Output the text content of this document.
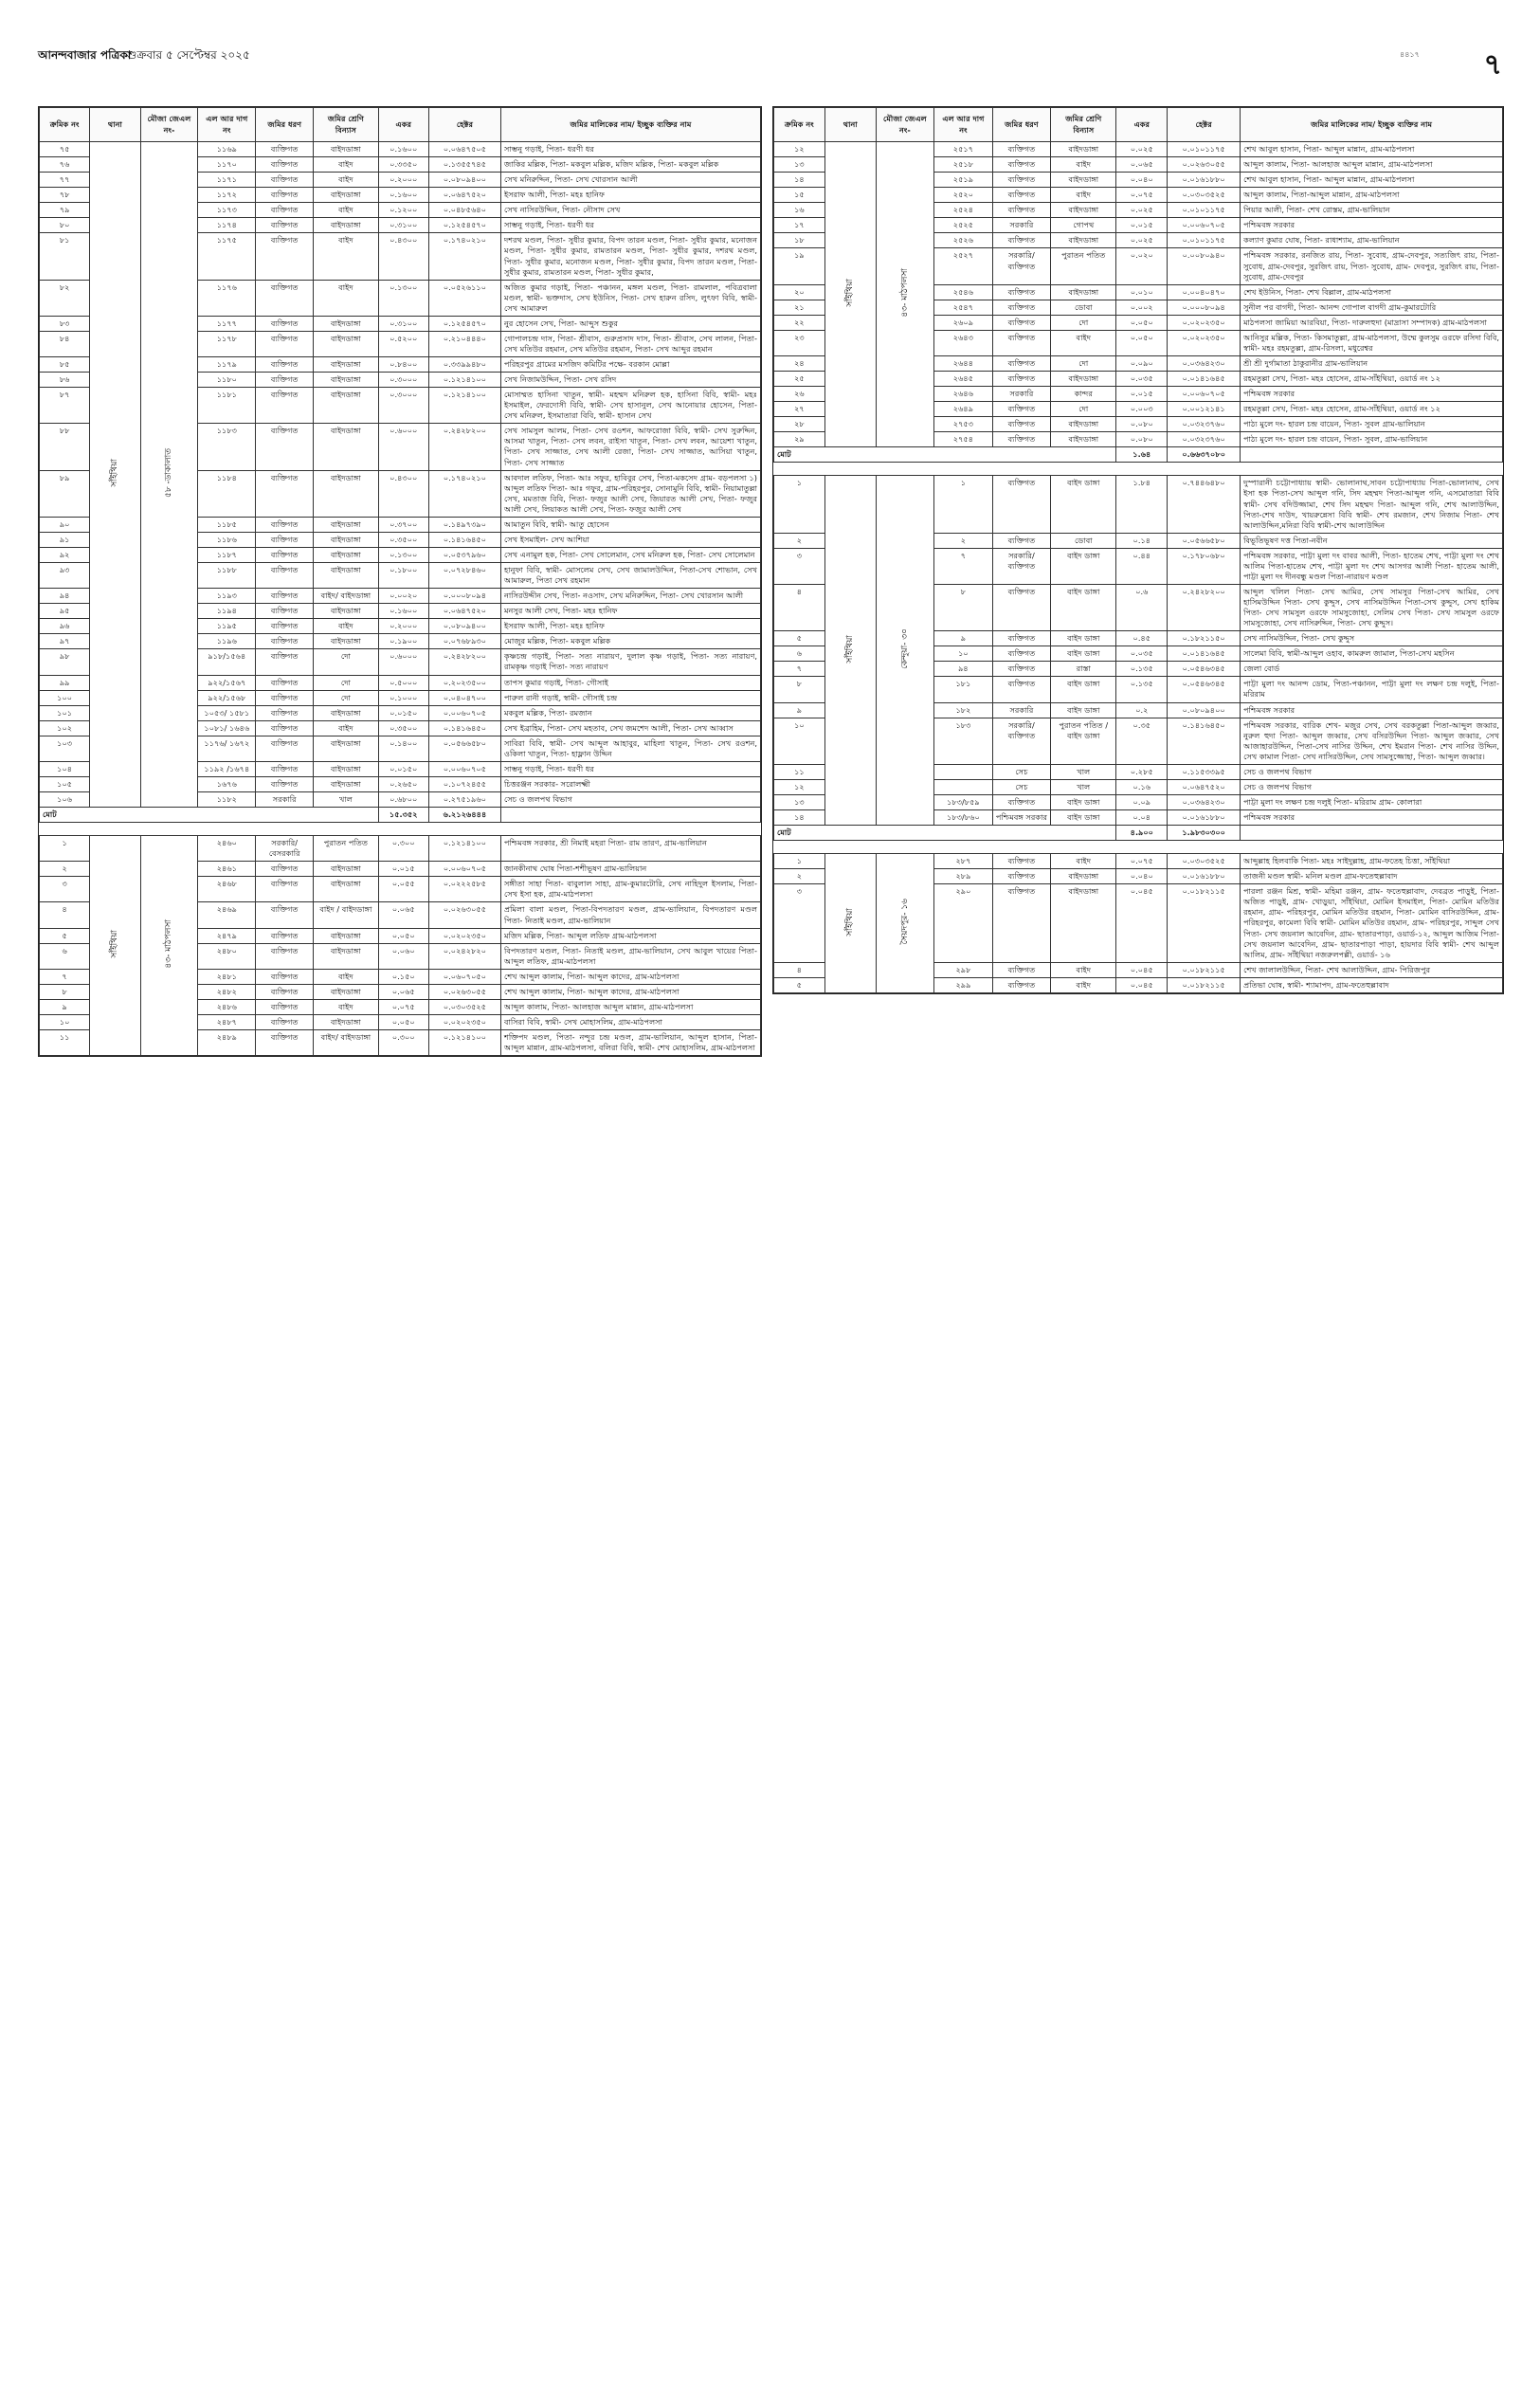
আনন্দবাজার পত্রিকা
শুক্রবার ৫ সেপ্টেম্বর ২০২৫	৪৪১৭ ৭
ক্রমিক নং	থানা	মৌজা জেএল নং-	এল আর দাগ নং	জমির ধরণ	জমির শ্রেণি বিন্যাস	একর	হেক্টর	জমির মালিকের নাম/ ইচ্ছুক ব্যক্তির নাম
৭৫	সাঁইথিয়া	৫৮ -ডাকালাত	১১৬৯	ব্যক্তিগত	বাইদডাঙ্গা	০.১৬০০	০.০৬৪৭৫০৫	সাম্ভনু গড়াই, পিতা- ধরণী ধর
৭৬			১১৭০	ব্যক্তিগত	বাইদ	০.৩৩৫০	০.১৩৫৫৭৪৫	জাকির মল্লিক, পিতা- মকবুল মল্লিক, মজিদ মল্লিক, পিতা- মকবুল মল্লিক
৭৭			১১৭১	ব্যক্তিগত	বাইদ	০.২০০০	০.০৮০৯৪০০	সেখ মনিরুদ্দিন, পিতা- সেখ খোরসান আলী
৭৮			১১৭২	ব্যক্তিগত	বাইদডাঙ্গা	০.১৬০০	০.০৬৪৭৫২০	ইসরাফ আলী, পিতা- মহঃ হানিফ
৭৯			১১৭৩	ব্যক্তিগত	বাইদ	০.১২০০	০.০৪৮৫৬৪০	সেখ নাসিরউদ্দিন, পিতা- নৌসাদ সেখ
৮০			১১৭৪	ব্যক্তিগত	বাইদডাঙ্গা	০.৩১০০	০.১২৫৪৫৭০	সাম্ভনু গড়াই, পিতা- ধরণী ধর
৮১			১১৭৫	ব্যক্তিগত	বাইদ	০.৪৩০০	০.১৭৪০২১০	দশরথ মণ্ডল, পিতা- সুধীর কুমার, বিপদ তারন মণ্ডল, পিতা- সুধীর কুমার, মনোজন মণ্ডল, পিতা- সুধীর কুমার, রামতারন মণ্ডল, পিতা- সুধীর কুমার, দশরথ মণ্ডল, পিতা- সুধীর কুমার, মনোজন মণ্ডল, পিতা- সুধীর কুমার, বিপদ তারন মণ্ডল, পিতা- সুধীর কুমার, রামতারন মণ্ডল, পিতা- সুধীর কুমার,
৮২			১১৭৬	ব্যক্তিগত	বাইদ	০.১৩০০	০.০৫২৬১১০	অজিত কুমার গড়াই, পিতা- পঞ্চানন, মঙ্গল মণ্ডল, পিতা- রামলাল, পবিত্রবালা মণ্ডল, স্বামী- ভক্তদাস, সেখ ইউনিস, পিতা- সেখ হারুন রসিদ, লুৎফা বিবি, স্বামী- সেখ আমারুল
৮৩			১১৭৭	ব্যক্তিগত	বাইদডাঙ্গা	০.৩১০০	০.১২৫৪৫৭০	নুর হোসেন সেখ, পিতা- আব্দুস শুকুর
৮৪			১১৭৮	ব্যক্তিগত	বাইদডাঙ্গা	০.৫২০০	০.২১০৪৪৪০	গোপালচন্দ্র দাস, পিতা- শ্রীবাস, গুরুপ্রসাদ দাস, পিতা- শ্রীবাস, সেখ লালন, পিতা- সেখ মতিউর রহমান, সেখ মতিউর রহমান, পিতা- সেখ আব্দুর রহমান
৮৫			১১৭৯	ব্যক্তিগত	বাইদডাঙ্গা	০.৮৪০০	০.৩৩৯৯৪৮০	পরিহরপুর গ্রামের মসজিদ কমিটির পক্ষে- বরকান মোল্লা
৮৬			১১৮০	ব্যক্তিগত	বাইদডাঙ্গা	০.৩০০০	০.১২১৪১০০	সেখ নিজামউদ্দিন, পিতা- সেখ রসিদ
৮৭			১১৮১	ব্যক্তিগত	বাইদডাঙ্গা	০.৩০০০	০.১২১৪১০০	মোসাম্মত হাসিনা খাতুন, স্বামী- মহম্মদ মনিরুল হক, হাসিনা বিবি, স্বামী- মহঃ ইসমাইল, ফেরদোসী বিবি, স্বামী- সেখ হাসানুল, সেখ আনোয়ার হোসেন, পিতা- সেখ মনিরুল, ইসমাতারা বিবি, স্বামী- হাসান সেখ
৮৮			১১৮৩	ব্যক্তিগত	বাইদডাঙ্গা	০.৬০০০	০.২৪২৮২০০	সেখ সামসুল আলম, পিতা- সেখ রওশন, আফরোজা বিবি, স্বামী- সেখ সুরুদ্দিন, আসমা খাতুন, পিতা- সেখ লবন, রাইসা খাতুন, পিতা- সেখ লবন, আয়েশা খাতুন, পিতা- সেখ সাজ্জাত, সেখ আলী রেজা, পিতা- সেখ সাজ্জাত, আসিয়া খাতুন, পিতা- সেখ সাজ্জাত
৮৯			১১৮৪	ব্যক্তিগত	বাইদডাঙ্গা	০.৪৩০০	০.১৭৪০২১০	আবদাল লতিফ, পিতা- আঃ সফুর, হাবিবুর সেখ, পিতা-মকসেদ গ্রাম- বড়পলসা ১) আব্দুল লতিফ পিতা- আঃ গফুর, গ্রাম-পরিহরপুর, সোনামুনি বিবি, স্বামী- নিয়ামাতুল্লা সেখ, মমতাজ বিবি, পিতা- ফজুর আলী সেখ, জিয়ারত আলী সেখ, পিতা- ফজুর আলী সেখ, লিয়াকত আলী সেখ, পিতা- ফজুর আলী সেখ
৯০			১১৮৫	ব্যক্তিগত	বাইদডাঙ্গা	০.৩৭০০	০.১৪৯৭৩৯০	আমাতুন বিবি, স্বামী- আতু হোসেন
৯১			১১৮৬	ব্যক্তিগত	বাইদডাঙ্গা	০.৩৫০০	০.১৪১৬৪৫০	সেখ ইসমাইল- সেখ আশিয়া
৯২			১১৮৭	ব্যক্তিগত	বাইদডাঙ্গা	০.১৩০০	০.০৫৩৭৯৬০	সেখ এনামুল হক, পিতা- সেখ সোলেমান, সেখ মনিরুল হক, পিতা- সেখ সোলেমান
৯৩			১১৮৮	ব্যক্তিগত	বাইদডাঙ্গা	০.১৮০০	০.০৭২৮৪৬০	হানুফা বিবি, স্বামী- মোসলেম সেখ, সেখ জামালউদ্দিন, পিতা-সেখ শোভান, সেখ আমারুল, পিতা সেখ রহমান
৯৪			১১৯৩	ব্যক্তিগত	বাইদ/ বাইদডাঙ্গা	০.০০২০	০.০০০৮০৯৪	নাসিরউদ্দীন সেখ, পিতা- নওসাদ, সেখ মনিরুদ্দিন, পিতা- সেখ খোরসান আলী
৯৫			১১৯৪	ব্যক্তিগত	বাইদডাঙ্গা	০.১৬০০	০.০৬৪৭৫২০	মনসুর আলী সেখ, পিতা- মহঃ হানিফ
৯৬			১১৯৫	ব্যক্তিগত	বাইদ	০.২০০০	০.০৮০৯৪০০	ইসরাফ আলী, পিতা- মহঃ হানিফ
৯৭			১১৯৬	ব্যক্তিগত	বাইদডাঙ্গা	০.১৯০০	০.০৭৬৮৯৩০	মোজুর মল্লিক, পিতা- মকবুল মল্লিক
৯৮			৯১৮/১৫৬৪	ব্যক্তিগত	দো	০.৬০০০	০.২৪২৮২০০	কৃষ্ণচন্দ্র গড়াই, পিতা- সত্য নারায়ণ, দুলাল কৃষ্ণ গড়াই, পিতা- সত্য নারায়ণ, রামকৃষ্ণ গড়াই পিতা- সত্য নারায়ণ
৯৯			৯২২/১৫৬৭	ব্যক্তিগত	দো	০.৫০০০	০.২০২৩৫০০	তাপস কুমার গড়াই, পিতা- গৌসাই
১০০			৯২২/১৫৬৮	ব্যক্তিগত	দো	০.১০০০	০.০৪০৪৭০০	পারুল রানী গড়াই, স্বামী- গৌসাই চন্দ্র
১০১			১০৫৩/ ১৫৮১	ব্যক্তিগত	বাইদডাঙ্গা	০.০১৫০	০.০০৬০৭০৫	মকবুল মল্লিক, পিতা- রমজান
১০২			১০৮১/ ১৬৪৬	ব্যক্তিগত	বাইদ	০.৩৫০০	০.১৪১৬৪৫০	সেখ ইব্রাহিম, পিতা- সেখ মহতাব, সেখ জমশেদ আলী, পিতা- সেখ আব্বাস
১০৩			১১৭৬/ ১৬৭২	ব্যক্তিগত	বাইদডাঙ্গা	০.১৪০০	০.০৫৬৬৫৮০	সাবিরা বিবি, স্বামী- সেখ আব্দুল আহাবুর, মাহিলা খাতুন, পিতা- সেখ রওশন, ওকিলা খাতুন, পিতা- হাফ্লান উদ্দিন
১০৪			১১৯২ /১৬৭৪	ব্যক্তিগত	বাইদডাঙ্গা	০.০১৫০	০.০০৬০৭০৫	সাম্ভনু গড়াই, পিতা- ধরণী ধর
১০৫			১৬৭৬	ব্যক্তিগত	বাইদডাঙ্গা	০.২৬৫০	০.১০৭২৪৫৫	চিত্তরঞ্জন সরকার- সরোলক্ষ্মী
১০৬			১১৮২	সরকারি	খাল	০.৬৮০০	০.২৭৫১৯৬০	সেচ ও জলপথ বিভাগ
মোট						১৫.৩৫২	৬.২১২৬৪৪৪	

১	সাঁইথিয়া	৪৩- মাঠপলসা	২৪৬০	সরকারি/ বেসরকারি	পুরাতন পতিত	০.৩০০	০.১২১৪১০০	পশ্চিমবঙ্গ সরকার, শ্রী নিমাই মহরা পিতা- রাম তারণ, গ্রাম-ভালিয়ান
২			২৪৬১	ব্যক্তিগত	বাইদডাঙ্গা	০.০১৫	০.০০৬০৭০৫	জানকীনাথ ঘোষ পিতা-শশীভূষণ গ্রাম-ভালিয়ান
৩			২৪৬৮	ব্যক্তিগত	বাইদডাঙ্গা	০.০৫৫	০.০২২২৫৮৫	সঙ্গীতা সাহা পিতা- বাবুলাল সাহা, গ্রাম-কুমারটোরি, সেখ নাহিদুল ইসলাম, পিতা-সেখ ইসা হক, গ্রাম-মাঠপলসা
৪			২৪৬৯	ব্যক্তিগত	বাইদ / বাইদডাঙ্গা	০.০৬৫	০.০২৬৩০৫৫	প্রমিলা বালা মণ্ডল, পিতা-বিপদতারণ মণ্ডল, গ্রাম-ভালিয়ান, বিপদতারণ মণ্ডল পিতা- নিতাই মণ্ডল, গ্রাম-ভালিয়ান
৫			২৪৭৯	ব্যক্তিগত	বাইদডাঙ্গা	০.০৫০	০.০২০২৩৫০	মজিদ মল্লিক, পিতা- আব্দুল লতিফ গ্রাম-মাঠপলসা
৬			২৪৮০	ব্যক্তিগত	বাইদডাঙ্গা	০.০৬০	০.০২৪২৮২০	বিপদতারণ মণ্ডল, পিতা- নিতাই মণ্ডল, গ্রাম-ভালিয়ান, সেখ আবুল খায়ের পিতা- আব্দুল লতিফ, গ্রাম-মাঠপলসা
৭			২৪৮১	ব্যক্তিগত	বাইদ	০.১৫০	০.০৬০৭০৫০	শেখ আব্দুল কালাম, পিতা- আব্দুল কাদের, গ্রাম-মাঠপলসা
৮			২৪৮২	ব্যক্তিগত	বাইদডাঙ্গা	০.০৬৫	০.০২৬৩০৫৫	শেখ আব্দুল কালাম, পিতা- আব্দুল কাদের, গ্রাম-মাঠপলসা
৯			২৪৮৬	ব্যক্তিগত	বাইদ	০.০৭৫	০.০৩০৩৫২৫	আব্দুল কালাম, পিতা- আলহাজ আব্দুল মান্নান, গ্রাম-মাঠপলসা
১০			২৪৮৭	ব্যক্তিগত	বাইদডাঙ্গা	০.০৫০	০.০২০২৩৫০	বাসিরা বিবি, স্বামী- সেখ মোহাসলিম, গ্রাম-মাঠপলসা
১১			২৪৮৯	ব্যক্তিগত	বাইদ/ বাইদডাঙ্গা	০.৩০০	০.১২১৪১০০	শক্তিপদ মণ্ডল, পিতা- নন্দুর চন্দ্র মণ্ডল, গ্রাম-ভালিয়ান, আব্দুল হাসান, পিতা- আব্দুল মান্নান, গ্রাম-মাঠপলসা, বলিরা বিবি, স্বামী- শেখ মোহাসলিম, গ্রাম-মাঠপলসা
ক্রমিক নং	থানা	মৌজা জেএল নং-	এল আর দাগ নং	জমির ধরণ	জমির শ্রেণি বিন্যাস	একর	হেক্টর	জমির মালিকের নাম/ ইচ্ছুক ব্যক্তির নাম
১২	সাঁইথিয়া	৪৩- মাঠপলসা	২৫১৭	ব্যক্তিগত	বাইদডাঙ্গা	০.০২৫	০.০১০১১৭৫	শেখ আবুল হাসান, পিতা- আব্দুল মান্নান, গ্রাম-মাঠপলসা
১৩			২৫১৮	ব্যক্তিগত	বাইদ	০.০৬৫	০.০২৬৩০৫৫	আব্দুল কালাম, পিতা- আলহাজ আব্দুল মান্নান, গ্রাম-মাঠপলসা
১৪			২৫১৯	ব্যক্তিগত	বাইদডাঙ্গা	০.০৪০	০.০১৬১৮৮০	শেখ আবুল হাসান, পিতা- আব্দুল মান্নান, গ্রাম-মাঠপলসা
১৫			২৫২০	ব্যক্তিগত	বাইদ	০.০৭৫	০.০৩০৩৫২৫	আব্দুল কালাম, পিতা-আব্দুল মান্নান, গ্রাম-মাঠপলসা
১৬			২৫২৪	ব্যক্তিগত	বাইদডাঙ্গা	০.০২৫	০.০১০১১৭৫	পিয়ার আলী, পিতা- শেখ রোস্তম, গ্রাম-ভালিয়ান
১৭			২৫২৫	সরকারি	গোপথ	০.০১৫	০.০০৬০৭০৫	পশ্চিমবঙ্গ সরকার
১৮			২৫২৬	ব্যক্তিগত	বাইদডাঙ্গা	০.০২৫	০.০১০১১৭৫	কল্যাণ কুমার ঘোষ, পিতা- রাধাশ্যাম, গ্রাম-ভালিয়ান
১৯			২৫২৭	সরকারি/ ব্যক্তিগত	পুরাতন পতিত	০.০২০	০.০০৮০৯৪০	পশ্চিমবঙ্গ সরকার, রনজিত রায়, পিতা- সুবোধ, গ্রাম-দেবপুর, সত্যজিৎ রায়, পিতা- সুবোধ, গ্রাম-দেবপুর, সুরজিৎ রায়, পিতা- সুবোধ, গ্রাম- দেবপুর, সুরজিৎ রায়, পিতা- সুবোধ, গ্রাম-দেবপুর
২০			২৫৪৬	ব্যক্তিগত	বাইদডাঙ্গা	০.০১০	০.০০৪০৪৭০	শেখ ইউনিস, পিতা- শেখ বিল্লাল, গ্রাম-মাঠপলসা
২১			২৫৪৭	ব্যক্তিগত	ডোবা	০.০০২	০.০০০৮০৯৪	সুনীল পর বাগদী, পিতা- আনন্দ গোপাল বাগদী গ্রাম-কুমারটোরি
২২			২৬০৯	ব্যক্তিগত	দো	০.০৫০	০.০২০২৩৫০	মাঠপলসা জামিয়া আরবিয়া, পিতা- দারুলহুদা (মাদ্রাসা সম্পাদক) গ্রাম-মাঠপলসা
২৩			২৬৪৩	ব্যক্তিগত	বাইদ	০.০৫০	০.০২০২৩৫০	আনিসুর মল্লিক, পিতা- কিসমাতুল্লা, গ্রাম-মাঠপলসা, উম্মে কুলসুম ওরফে রসিদা বিবি, স্বামী- মহঃ রহমতুল্লা, গ্রাম-রিসলা, মধুরেশ্বর
২৪			২৬৪৪	ব্যক্তিগত	দো	০.০৯০	০.০৩৬৪২৩০	শ্রী শ্রী দুর্গামাতা ঠাকুরানীর গ্রাম-ভালিয়ান
২৫			২৬৪৫	ব্যক্তিগত	বাইদডাঙ্গা	০.০৩৫	০.০১৪১৬৪৫	রহমতুল্লা সেখ, পিতা- মহঃ হোসেন, গ্রাম-সাঁইথিয়া, ওয়ার্ড নং ১২
২৬			২৬৪৬	সরকারি	কান্দর	০.০১৫	০.০০৬০৭০৫	পশ্চিমবঙ্গ সরকার
২৭			২৬৪৯	ব্যক্তিগত	দো	০.০০৩	০.০০১২১৪১	রহমতুল্লা সেখ, পিতা- মহঃ হোসেন, গ্রাম-সাঁইথিয়া, ওয়ার্ড নং ১২
২৮			২৭৫৩	ব্যক্তিগত	বাইদডাঙ্গা	০.০৮০	০.০৩২৩৭৬০	পাঠ্য মুলে দং- হারল চন্দ্র বায়েন, পিতা- সুবল গ্রাম-ভালিয়ান
২৯			২৭৫৪	ব্যক্তিগত	বাইদডাঙ্গা	০.০৮০	০.০৩২৩৭৬০	পাঠ্য মুলে দং- হারল চন্দ্র বায়েন, পিতা- সুবল, গ্রাম-ভালিয়ান
মোট						১.৬৪	০.৬৬৩৭০৮০	

১	সাঁইথিয়া	কেন্দুয়া- ৩০	১	ব্যক্তিগত	বাইদ ডাঙ্গা	১.৮৪	০.৭৪৪৬৪৮০	দুস্পারানী চট্টোপাধ্যায় স্বামী- ভোলানাথ,সাবন চট্টোপাধ্যায় পিতা-ভোলানাথ, সেখ ইসা হক পিতা-সেখ আব্দুল গনি, সিদ মহম্মদ পিতা-আব্দুল গনি, এসমোতারা বিবি স্বামী- সেখ বদিউজ্জামা, শেখ সিদ মহম্মদ পিতা- আব্দুল গনি, শেখ আলাউদ্দিন, পিতা-শেখ দাউদ, খায়রুন্নেসা বিবি স্বামী- শেখ রমজান, শেখ নিজাম পিতা- শেখ আলাউদ্দিন,মনিরা বিবি স্বামী-শেখ আলাউদ্দিন
২			২	ব্যক্তিগত	ডোবা	০.১৪	০.০৫৬৬৫৮০	বিভূতিভূষণ দত্ত পিতা-নবীন
৩			৭	সরকারি/ ব্যক্তিগত	বাইদ ডাঙ্গা	০.৪৪	০.১৭৮০৬৮০	পশ্চিমবঙ্গ সরকার, পাট্টা মুলা দং বাবর আলী, পিতা- হাতেম শেখ, পাট্টা মুলা দং শেখ আলিম পিতা-হাতেম শেখ, পাট্টা মুলা দং শেখ আসগর আলী পিতা- হাতেম আলী, পাট্টা মুলা দং দীনবন্ধু মণ্ডল পিতা-নারায়ণ মণ্ডল
৪			৮	ব্যক্তিগত	বাইদ ডাঙ্গা	০.৬	০.২৪২৮২০০	আব্দুল খলিল পিতা- সেখ আমির, সেখ সামসুর পিতা-সেখ আমির, সেখ হাসিমউদ্দিন পিতা- সেখ কুদ্দুস, সেখ নাসিমউদ্দিন পিতা-সেখ কুদ্দুস, সেখ হাকিম পিতা- সেখ সামসুল ওরফে সামসুজোহা, সেলিম সেখ পিতা- সেখ সামসুল ওরফে সামসুজোহা, সেখ নাসিরুদ্দিন, পিতা- সেখ কুদ্দুস।
৫			৯	ব্যক্তিগত	বাইদ ডাঙ্গা	০.৪৫	০.১৮২১১৫০	সেখ নাসিমউদ্দিন, পিতা- সেখ কুদ্দুস
৬			১০	ব্যক্তিগত	বাইদ ডাঙ্গা	০.০৩৫	০.০১৪১৬৪৫	সালেমা বিবি, স্বামী-আব্দুল ওহাব, কামরুল জামাল, পিতা-সেখ মহসিন
৭			৯৪	ব্যক্তিগত	রাস্তা	০.১৩৫	০.০৫৪৬৩৪৫	জেলা বোর্ড
৮			১৮১	ব্যক্তিগত	বাইদ ডাঙ্গা	০.১৩৫	০.০৫৪৬৩৪৫	পাট্টা মুলা দং আনন্দ ডোম, পিতা-পঞ্চানন, পাট্টা মুলা দং লক্ষণ চন্দ্র দলুই, পিতা- মরিরাম
৯			১৮২	সরকারি	বাইদ ডাঙ্গা	০.২	০.০৮০৯৪০০	পশ্চিমবঙ্গ সরকার
১০			১৮৩	সরকারি/ ব্যক্তিগত	পুরাতন পতিত / বাইদ ডাঙ্গা	০.৩৫	০.১৪১৬৪৫০	পশ্চিমবঙ্গ সরকার, বারিক শেখ- মজুর সেখ, সেখ বরকতুল্লা পিতা-আব্দুল জব্বার, নুরুল হুদা পিতা- আব্দুল জব্বার, সেখ বসিরউদ্দিন পিতা- আব্দুল জব্বার, সেখ আজাহারউদ্দিন, পিতা-সেখ নাসির উদ্দিন, শেখ ইমরান পিতা- শেখ নাসির উদ্দিন, সেখ কামাল পিতা- সেখ নাসিরউদ্দিন, সেখ সামসুজ্জোহা, পিতা- আব্দুল জব্বার।
১১				সেচ	খাল	০.২৮৫	০.১১৫৩৩৯৫	সেচ ও জলপথ বিভাগ
১২				সেচ	খাল	০.১৬	০.০৬৪৭৫২০	সেচ ও জলপথ বিভাগ
১৩			১৮৩/৮৫৯	ব্যক্তিগত	বাইদ ডাঙ্গা	০.০৯	০.০৩৬৪২৩০	পাট্টা মুলা দং লক্ষণ চন্দ্র দলুই পিতা- মরিরাম গ্রাম- কোলারা
১৪			১৮৩/৮৬০	পশ্চিমবঙ্গ সরকার	বাইদ ডাঙ্গা	০.০৪	০.০১৬১৮৮০	পশ্চিমবঙ্গ সরকার
মোট						৪.৯০০	১.৯৮৩০৩০০	

১	সাঁইথিয়া	সৈয়দপুর- ১৬	২৮৭	ব্যক্তিগত	বাইদ	০.০৭৫	০.০৩০৩৫২৫	আব্দুল্লাহ হিলবাকি পিতা- মহঃ সাইদুল্লাহ, গ্রাম-ফতেহ চিত্তা, সাঁইথিয়া
২			২৮৯	ব্যক্তিগত	বাইদডাঙ্গা	০.০৪০	০.০১৬১৮৮০	তাজনী মণ্ডল স্বামী- মনিল মণ্ডল গ্রাম-ফতেহুল্লাবাদ
৩			২৯০	ব্যক্তিগত	বাইদডাঙ্গা	০.০৪৫	০.০১৮২১১৫	পারলা রঞ্জন মিশ্র, স্বামী- মহিমা রঞ্জন, গ্রাম- ফতেহুল্লাবাদ, দেবব্রত পাড়ুই, পিতা- অজিত পাড়ুই, গ্রাম- খোড়ুয়া, সাঁইথিয়া, মোমিন ইসমাইল, পিতা- মোমিন মতিউর রহমান, গ্রাম- পরিহরপুর, মোমিন মতিউর রহমান, পিতা- মোমিন বাসিরউদ্দিন, গ্রাম-পরিহরপুর, কামেলা বিবি স্বামী- মোমিন মতিউর রহমান, গ্রাম- পরিহরপুর, সাব্দুল সেখ পিতা- সেখ জয়নাল আবেদিন, গ্রাম- ছাতারপাড়া, ওয়ার্ড-১২, আব্দুল আজিম পিতা- সেখ জয়নাল আবেদিন, গ্রাম- ছাতারপাড়া পাড়া, হায়দার বিবি স্বামী- শেখ আব্দুল আলিম, গ্রাম- সাঁইথিয়া নজরুলপল্লী, ওয়ার্ড- ১৬
৪			২৯৮	ব্যক্তিগত	বাইদ	০.০৪৫	০.০১৮২১১৫	শেখ জালালউদ্দিন, পিতা- শেখ আলাউদ্দিন, গ্রাম- পিরিজপুর
৫			২৯৯	ব্যক্তিগত	বাইদ	০.০৪৫	০.০১৮২১১৫	প্রতিভা ঘোষ, স্বামী- শ্যামাপদ, গ্রাম-ফতেহুল্লাবাদ
